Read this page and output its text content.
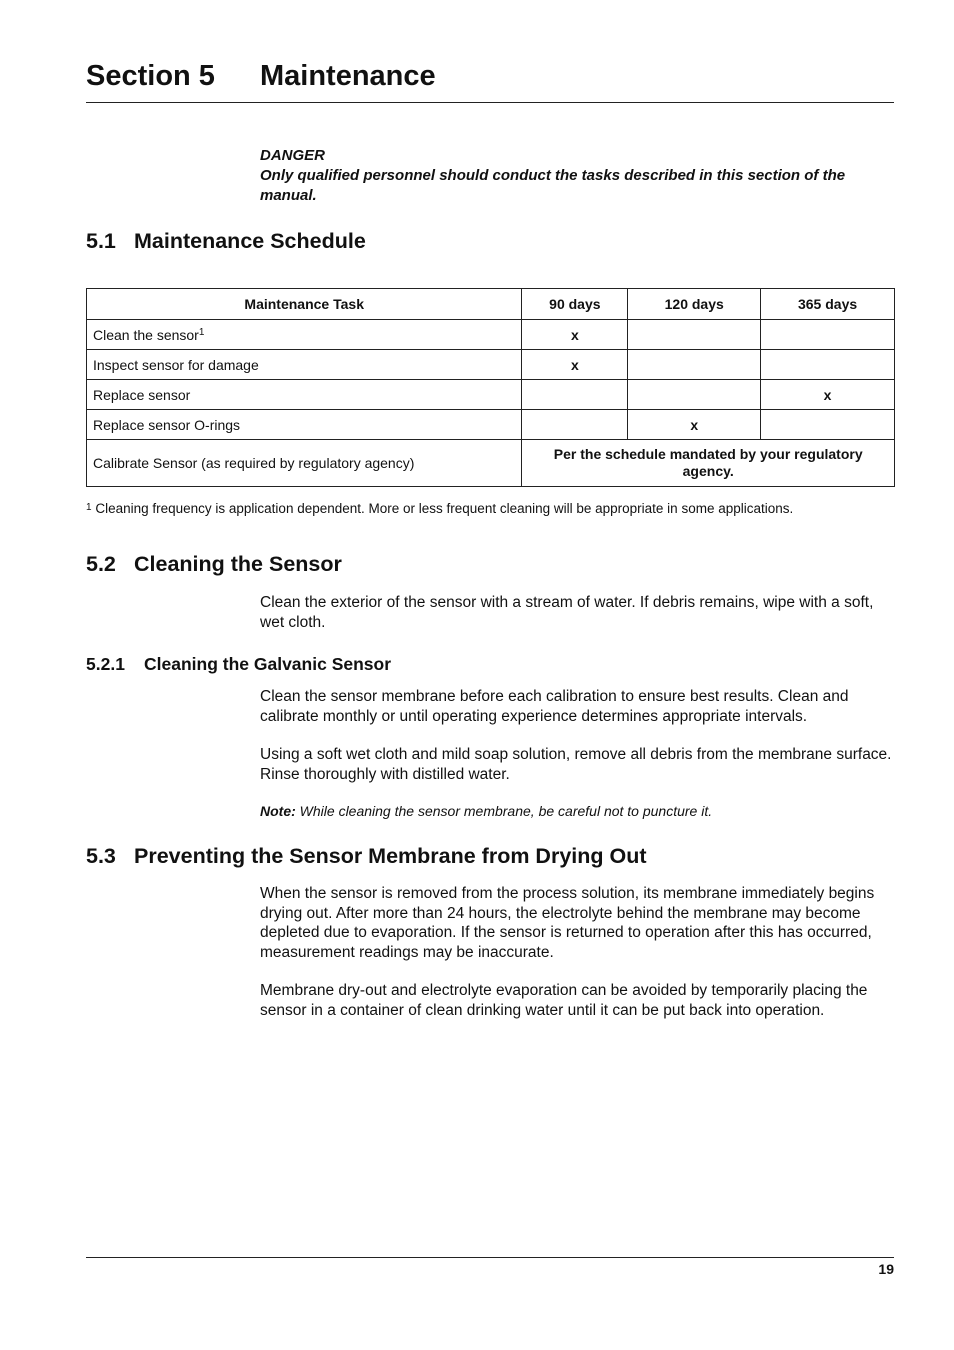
Section 5 Maintenance
DANGER
Only qualified personnel should conduct the tasks described in this section of the manual.
5.1 Maintenance Schedule
Maintenance Task	90 days	120 days	365 days
Clean the sensor$^1$	x		
Inspect sensor for damage	x		
Replace sensor			x
Replace sensor O-rings		x	
Calibrate Sensor (as required by regulatory agency)	Per the schedule mandated by your regulatory agency.		
$^1$ Cleaning frequency is application dependent. More or less frequent cleaning will be appropriate in some applications.
5.2 Cleaning the Sensor

Clean the exterior of the sensor with a stream of water. If debris remains, wipe with a soft, wet cloth.

5.2.1 Cleaning the Galvanic Sensor

Clean the sensor membrane before each calibration to ensure best results. Clean and calibrate monthly or until operating experience determines appropriate intervals.

Using a soft wet cloth and mild soap solution, remove all debris from the membrane surface. Rinse thoroughly with distilled water.

Note: While cleaning the sensor membrane, be careful not to puncture it.

5.3 Preventing the Sensor Membrane from Drying Out

When the sensor is removed from the process solution, its membrane immediately begins drying out. After more than 24 hours, the electrolyte behind the membrane may become depleted due to evaporation. If the sensor is returned to operation after this has occurred, measurement readings may be inaccurate.

Membrane dry-out and electrolyte evaporation can be avoided by temporarily placing the sensor in a container of clean drinking water until it can be put back into operation.

19
